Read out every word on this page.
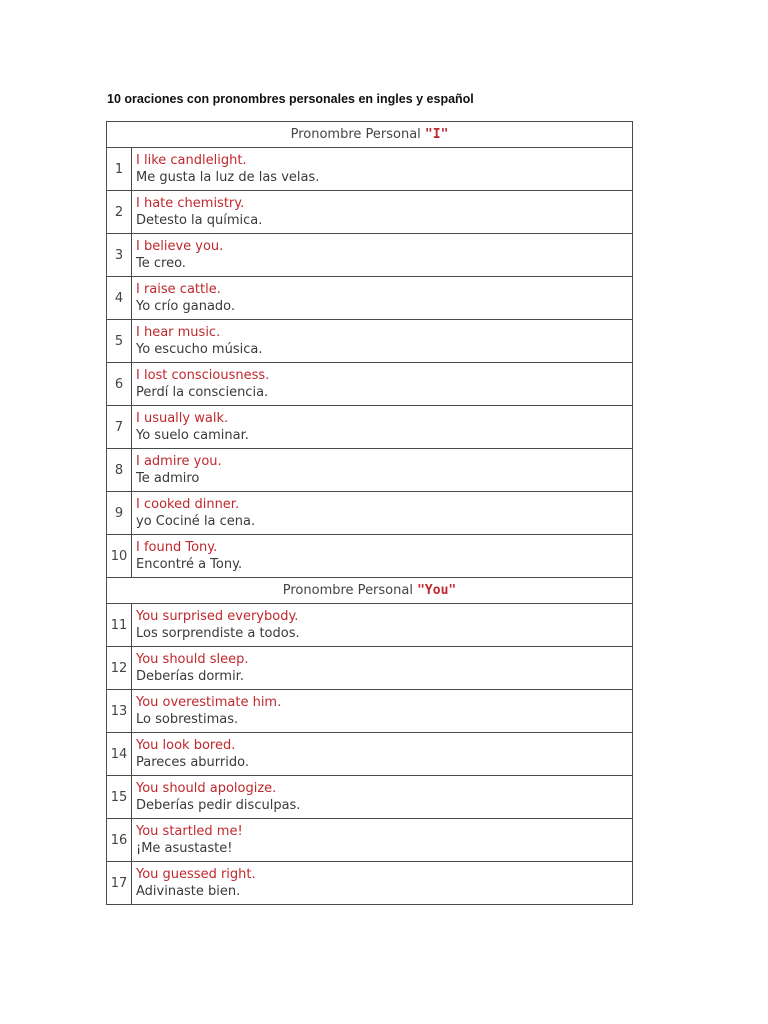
10 oraciones con pronombres personales en ingles y español
Pronombre Personal "I"	
1	I like candlelight.
Me gusta la luz de las velas.

2	I hate chemistry.
Detesto la química.

3	I believe you.
Te creo.

4	I raise cattle.
Yo crío ganado.

5	I hear music.
Yo escucho música.

6	I lost consciousness.
Perdí la consciencia.

7	I usually walk.
Yo suelo caminar.

8	I admire you.
Te admiro

9	I cooked dinner.
yo Cociné la cena.

10	I found Tony.
Encontré a Tony.

Pronombre Personal "You"	
11	You surprised everybody.
Los sorprendiste a todos.

12	You should sleep.
Deberías dormir.

13	You overestimate him.
Lo sobrestimas.

14	You look bored.
Pareces aburrido.

15	You should apologize.
Deberías pedir disculpas.

16	You startled me!
¡Me asustaste!

17	You guessed right.
Adivinaste bien.
